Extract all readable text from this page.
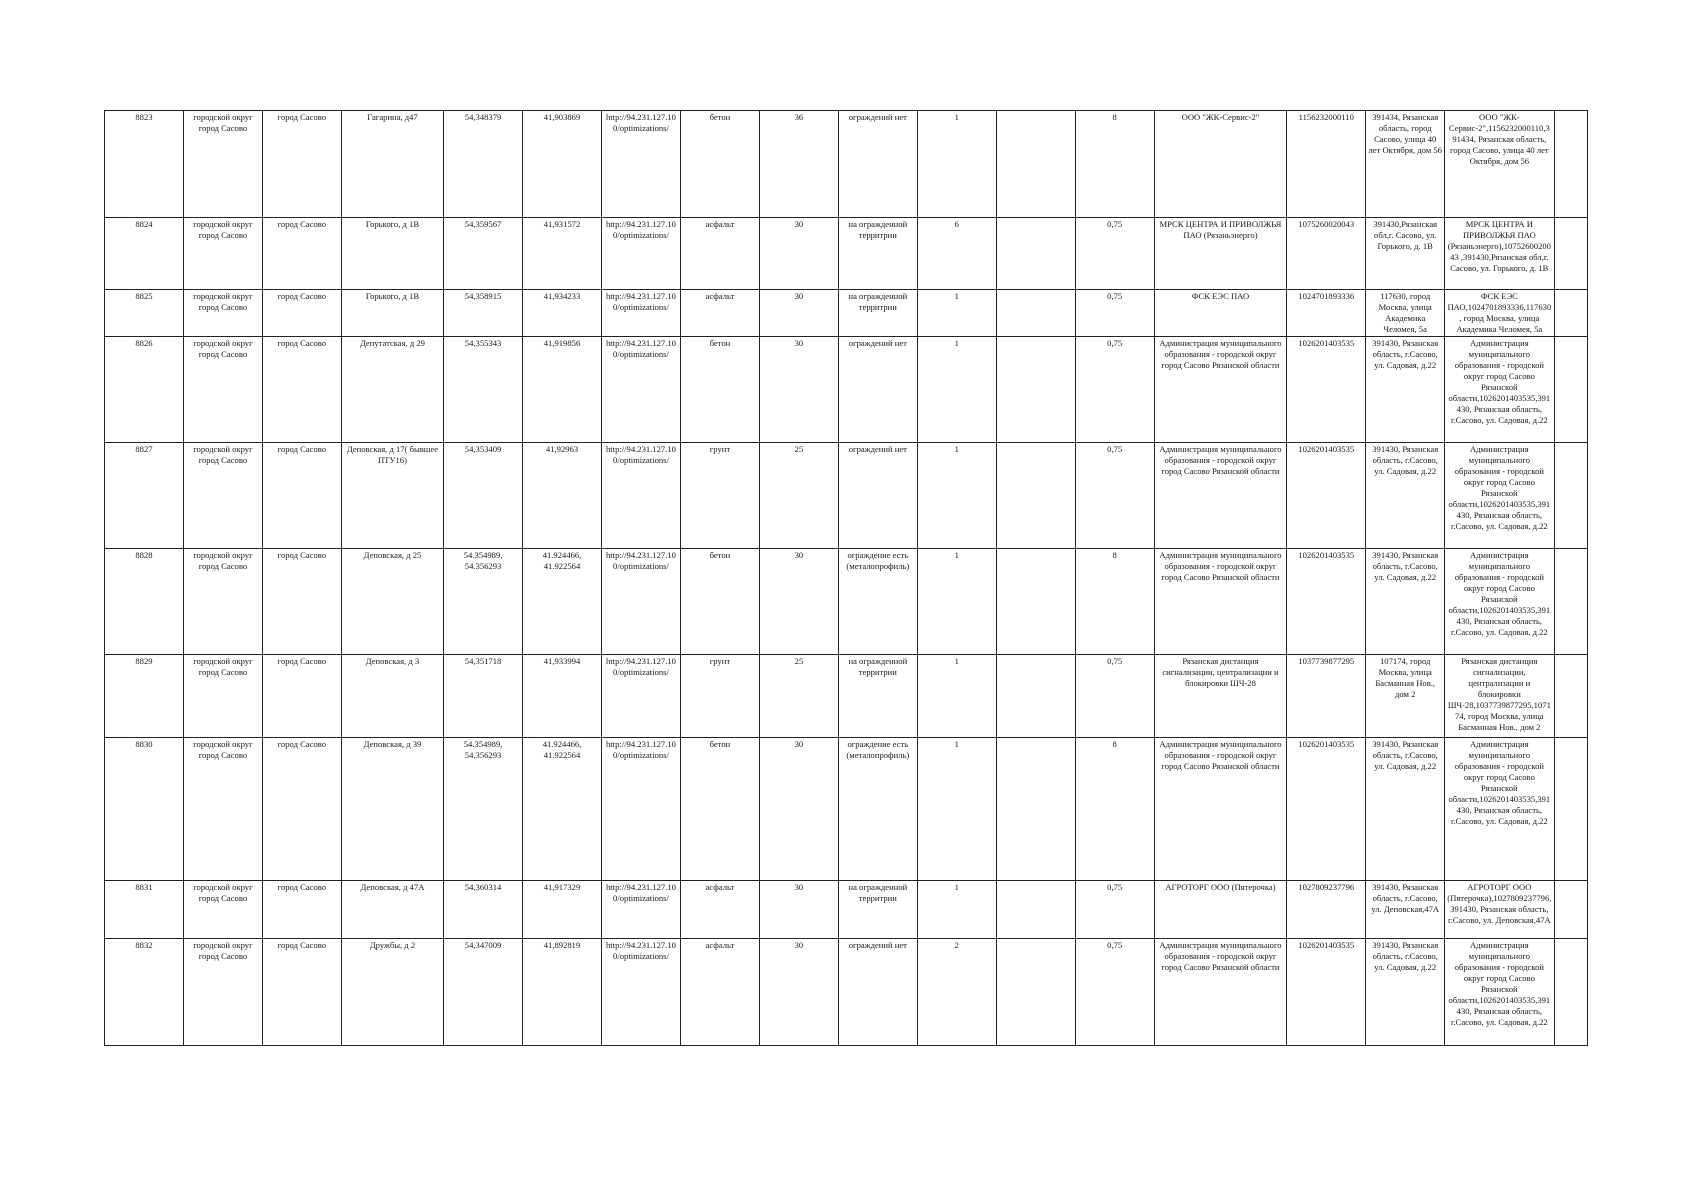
8823	городской округ город Сасово	город Сасово	Гагарина, д47	54,348379	41,903869	http://94.231.127.100/optimizations/	бетон	36	ограждений нет	1		8	ООО "ЖК-Сервис-2"	1156232000110	391434, Рязанская область, город Сасово, улица 40 лет Октября, дом 56	ООО "ЖК-Сервис-2",1156232000110,391434, Рязанская область, город Сасово, улица 40 лет Октября, дом 56	
8824	городской округ город Сасово	город Сасово	Горького, д 1В	54,359567	41,931572	http://94.231.127.100/optimizations/	асфальт	30	на огражденной территрии	6		0,75	МРСК ЦЕНТРА И ПРИВОЛЖЬЯ ПАО (Рязаньэнерго)	1075260020043	391430,Рязанская обл,г. Сасово, ул. Горького, д. 1В	МРСК ЦЕНТРА И ПРИВОЛЖЬЯ ПАО (Рязаньэнерго),1075260020043 ,391430,Рязанская обл,г. Сасово, ул. Горького, д. 1В	
8825	городской округ город Сасово	город Сасово	Горького, д 1В	54,358915	41,934233	http://94.231.127.100/optimizations/	асфальт	30	на огражденной территрии	1		0,75	ФСК ЕЭС ПАО	1024701893336	117630, город Москва, улица Академика Челомея, 5а	ФСК ЕЭС ПАО,1024701893336,117630, город Москва, улица Академика Челомея, 5а	
8826	городской округ город Сасово	город Сасово	Депутатская, д 29	54,355343	41,919856	http://94.231.127.100/optimizations/	бетон	30	ограждений нет	1		0,75	Администрация муниципального образования - городской округ город Сасово Рязанской области	1026201403535	391430, Рязанская область, г.Сасово, ул. Садовая, д.22	Администрация муниципального образования - городской округ город Сасово Рязанской области,1026201403535,391430, Рязанская область, г.Сасово, ул. Садовая, д.22	
8827	городской округ город Сасово	город Сасово	Деповская, д 17( бывшее ПТУ16)	54,353409	41,92963	http://94.231.127.100/optimizations/	грунт	25	ограждений нет	1		0,75	Администрация муниципального образования - городской округ город Сасово Рязанской области	1026201403535	391430, Рязанская область, г.Сасово, ул. Садовая, д.22	Администрация муниципального образования - городской округ город Сасово Рязанской области,1026201403535,391430, Рязанская область, г.Сасово, ул. Садовая, д.22	
8828	городской округ город Сасово	город Сасово	Деповская, д 25	54.354989, 54.356293	41.924466, 41.922564	http://94.231.127.100/optimizations/	бетон	30	ограждение есть (металопрофиль)	1		8	Администрация муниципального образования - городской округ город Сасово Рязанской области	1026201403535	391430, Рязанская область, г.Сасово, ул. Садовая, д.22	Администрация муниципального образования - городской округ город Сасово Рязанской области,1026201403535,391430, Рязанская область, г.Сасово, ул. Садовая, д.22	
8829	городской округ город Сасово	город Сасово	Деповская, д 3	54,351718	41,933994	http://94.231.127.100/optimizations/	грунт	25	на огражденной территрии	1		0,75	Рязанская дистанция сигнализации, централизации и блокировки ШЧ-28	1037739877295	107174, город Москва, улица Басманная Нов., дом 2	Рязанская дистанция сигнализации, централизации и блокировки ШЧ-28,1037739877295,107174, город Москва, улица Басманная Нов., дом 2	
8830	городской округ город Сасово	город Сасово	Деповская, д 39	54.354989, 54.356293	41.924466, 41.922564	http://94.231.127.100/optimizations/	бетон	30	ограждение есть (металопрофиль)	1		8	Администрация муниципального образования - городской округ город Сасово Рязанской области	1026201403535	391430, Рязанская область, г.Сасово, ул. Садовая, д.22	Администрация муниципального образования - городской округ город Сасово Рязанской области,1026201403535,391430, Рязанская область, г.Сасово, ул. Садовая, д.22	
8831	городской округ город Сасово	город Сасово	Деповская, д 47А	54,360314	41,917329	http://94.231.127.100/optimizations/	асфальт	30	на огражденной территрии	1		0,75	АГРОТОРГ ООО (Пятерочка)	1027809237796	391430, Рязанская область, г.Сасово, ул. Деповская,47А	АГРОТОРГ ООО (Пятерочка),1027809237796,391430, Рязанская область, г.Сасово, ул. Деповская,47А	
8832	городской округ город Сасово	город Сасово	Дружбы, д 2	54,347009	41,892819	http://94.231.127.100/optimizations/	асфальт	30	ограждений нет	2		0,75	Администрация муниципального образования - городской округ город Сасово Рязанской области	1026201403535	391430, Рязанская область, г.Сасово, ул. Садовая, д.22	Администрация муниципального образования - городской округ город Сасово Рязанской области,1026201403535,391430, Рязанская область, г.Сасово, ул. Садовая, д.22	
